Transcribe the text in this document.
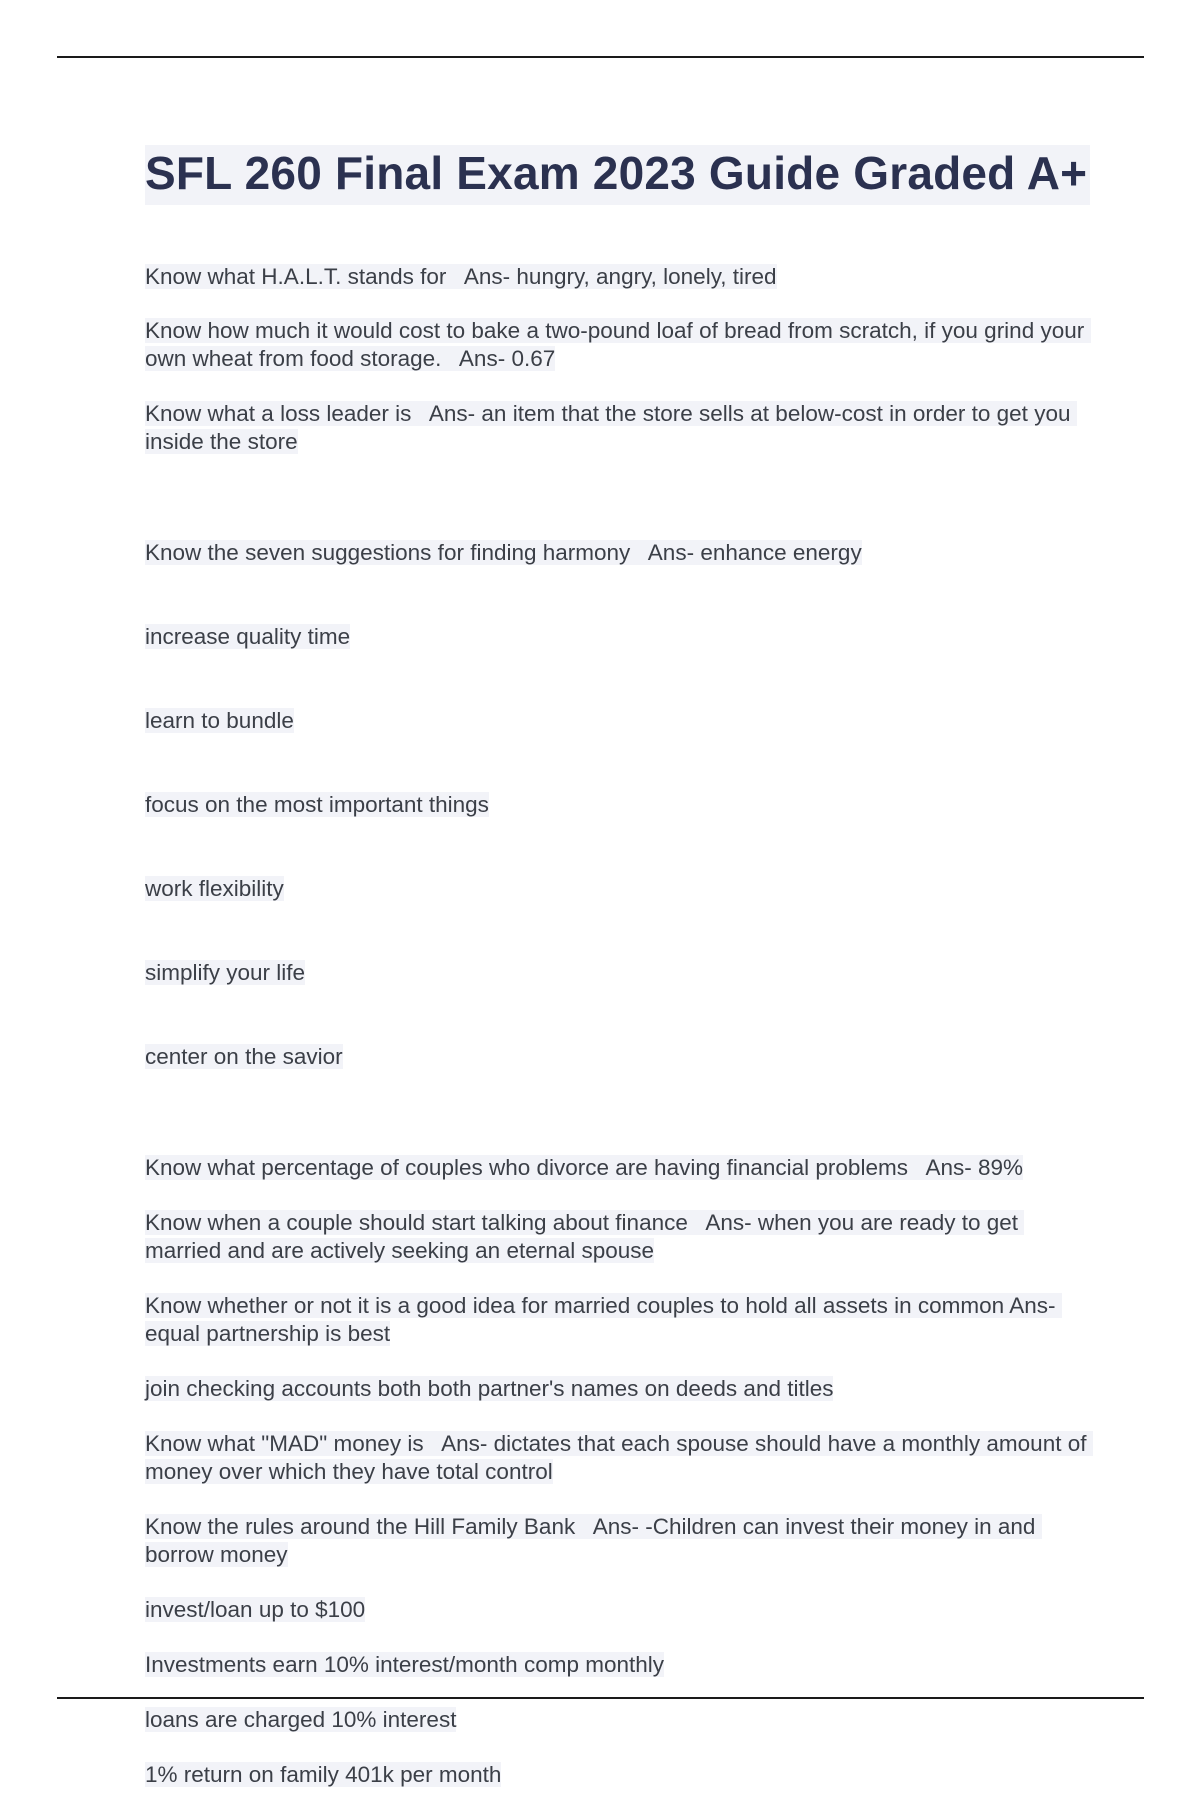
SFL 260 Final Exam 2023 Guide Graded A+

Know what H.A.L.T. stands for   Ans- hungry, angry, lonely, tired

Know how much it would cost to bake a two-pound loaf of bread from scratch, if you grind your own wheat from food storage.   Ans- 0.67

Know what a loss leader is   Ans- an item that the store sells at below-cost in order to get you inside the store

Know the seven suggestions for finding harmony   Ans- enhance energy

increase quality time

learn to bundle

focus on the most important things

work flexibility

simplify your life

center on the savior

Know what percentage of couples who divorce are having financial problems   Ans- 89%

Know when a couple should start talking about finance   Ans- when you are ready to get married and are actively seeking an eternal spouse

Know whether or not it is a good idea for married couples to hold all assets in common Ans- equal partnership is best

join checking accounts both both partner's names on deeds and titles

Know what "MAD" money is   Ans- dictates that each spouse should have a monthly amount of money over which they have total control

Know the rules around the Hill Family Bank   Ans- -Children can invest their money in and borrow money

invest/loan up to $100

Investments earn 10% interest/month comp monthly

loans are charged 10% interest

1% return on family 401k per month
